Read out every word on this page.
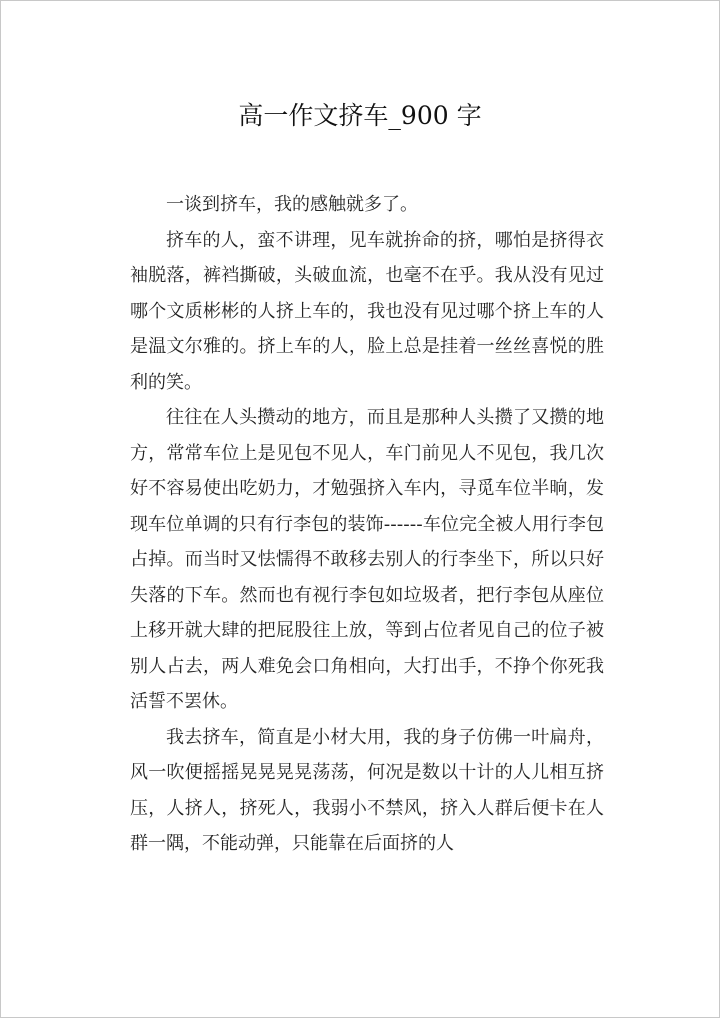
高一作文挤车_900 字

一谈到挤车，我的感触就多了。

挤车的人，蛮不讲理，见车就拚命的挤，哪怕是挤得衣袖脱落，裤裆撕破，头破血流，也毫不在乎。我从没有见过哪个文质彬彬的人挤上车的，我也没有见过哪个挤上车的人是温文尔雅的。挤上车的人，脸上总是挂着一丝丝喜悦的胜利的笑。

往往在人头攒动的地方，而且是那种人头攒了又攒的地方，常常车位上是见包不见人，车门前见人不见包，我几次好不容易使出吃奶力，才勉强挤入车内，寻觅车位半晌，发现车位单调的只有行李包的装饰------车位完全被人用行李包占掉。而当时又怯懦得不敢移去别人的行李坐下，所以只好失落的下车。然而也有视行李包如垃圾者，把行李包从座位上移开就大肆的把屁股往上放，等到占位者见自己的位子被别人占去，两人难免会口角相向，大打出手，不挣个你死我活誓不罢休。

我去挤车，简直是小材大用，我的身子仿佛一叶扁舟，风一吹便摇摇晃晃晃晃荡荡，何况是数以十计的人儿相互挤压，人挤人，挤死人，我弱小不禁风，挤入人群后便卡在人群一隅，不能动弹，只能靠在后面挤的人
